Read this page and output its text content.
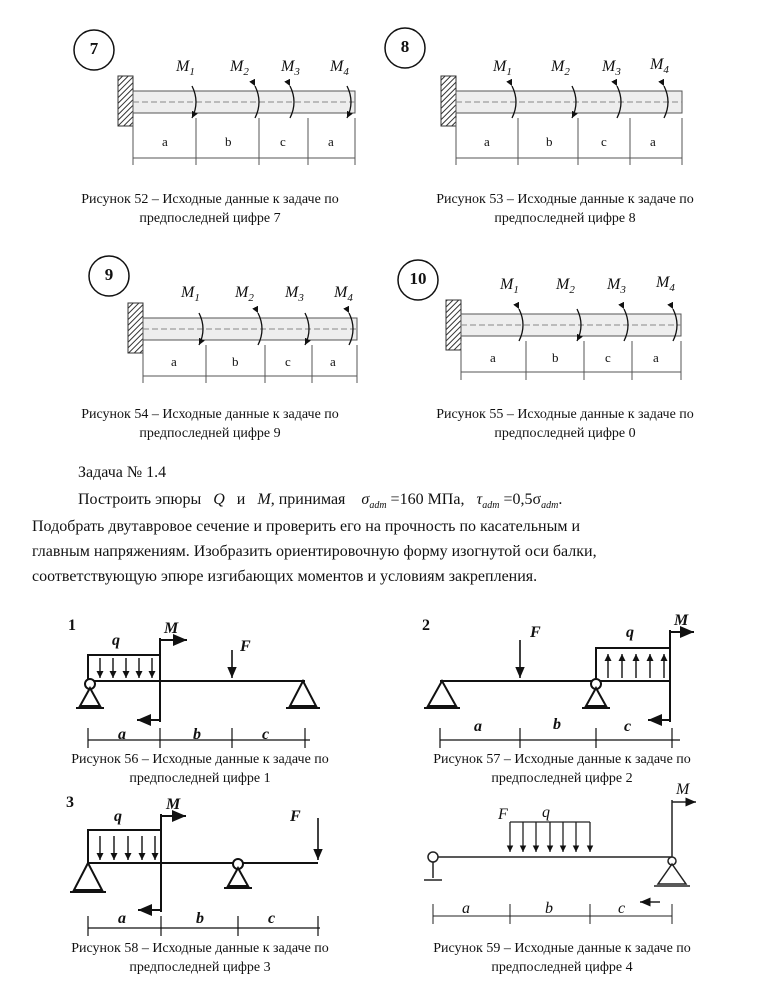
7	8
9	10
$M_1$ $M_2$ $M_3$ $M_4$
a	b	c	a
$M_1$ $M_2$ $M_3$ $M_4$
a	b	c	a
$M_1$ $M_2$ $M_3$ $M_4$
a	b	c	a
$M_1$ $M_2$ $M_3$ $M_4$
a	b	c	a
Рисунок 52 – Исходные данные к задаче по
предпоследней цифре 7
Рисунок 53 – Исходные данные к задаче по
предпоследней цифре 8
Рисунок 54 – Исходные данные к задаче по
предпоследней цифре 9
Рисунок 55 – Исходные данные к задаче по
предпоследней цифре 0
Задача № 1.4
Построить эпюры Q и M, принимая $\sigma_{adm} =160$ МПа, $\tau_{adm} =0,5\sigma_{adm}$.
Подобрать двутавровое сечение и проверить его на прочность по касательным и
главным напряжениям. Изобразить ориентировочную форму изогнутой оси балки,
соответствующую эпюре изгибающих моментов и условиям закрепления.
1
q
M
F
a	b	c
2	F	q
M
a	b	c
3
q
M
F
a	b	c
F q
M
a	b	c
Рисунок 56 – Исходные данные к задаче по
предпоследней цифре 1
Рисунок 57 – Исходные данные к задаче по
предпоследней цифре 2
Рисунок 58 – Исходные данные к задаче по
предпоследней цифре 3
Рисунок 59 – Исходные данные к задаче по
предпоследней цифре 4
